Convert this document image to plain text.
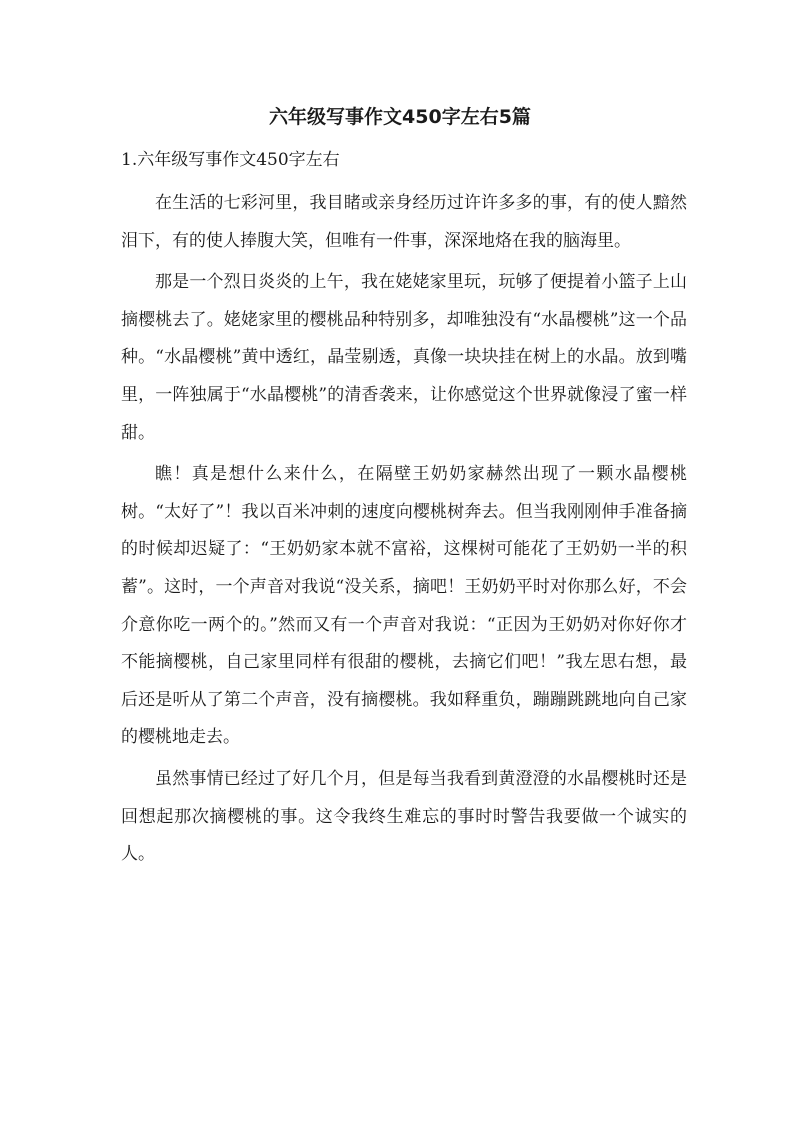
六年级写事作文450字左右5篇
1.六年级写事作文450字左右

在生活的七彩河里，我目睹或亲身经历过许许多多的事，有的使人黯然泪下，有的使人捧腹大笑，但唯有一件事，深深地烙在我的脑海里。

那是一个烈日炎炎的上午，我在姥姥家里玩，玩够了便提着小篮子上山摘樱桃去了。姥姥家里的樱桃品种特别多，却唯独没有“水晶樱桃”这一个品种。“水晶樱桃”黄中透红，晶莹剔透，真像一块块挂在树上的水晶。放到嘴里，一阵独属于“水晶樱桃”的清香袭来，让你感觉这个世界就像浸了蜜一样甜。

瞧！真是想什么来什么，在隔壁王奶奶家赫然出现了一颗水晶樱桃树。“太好了”！我以百米冲刺的速度向樱桃树奔去。但当我刚刚伸手准备摘的时候却迟疑了：“王奶奶家本就不富裕，这棵树可能花了王奶奶一半的积蓄”。这时，一个声音对我说“没关系，摘吧！王奶奶平时对你那么好，不会介意你吃一两个的。”然而又有一个声音对我说：“正因为王奶奶对你好你才不能摘樱桃，自己家里同样有很甜的樱桃，去摘它们吧！”我左思右想，最后还是听从了第二个声音，没有摘樱桃。我如释重负，蹦蹦跳跳地向自己家的樱桃地走去。

虽然事情已经过了好几个月，但是每当我看到黄澄澄的水晶樱桃时还是回想起那次摘樱桃的事。这令我终生难忘的事时时警告我要做一个诚实的人。
